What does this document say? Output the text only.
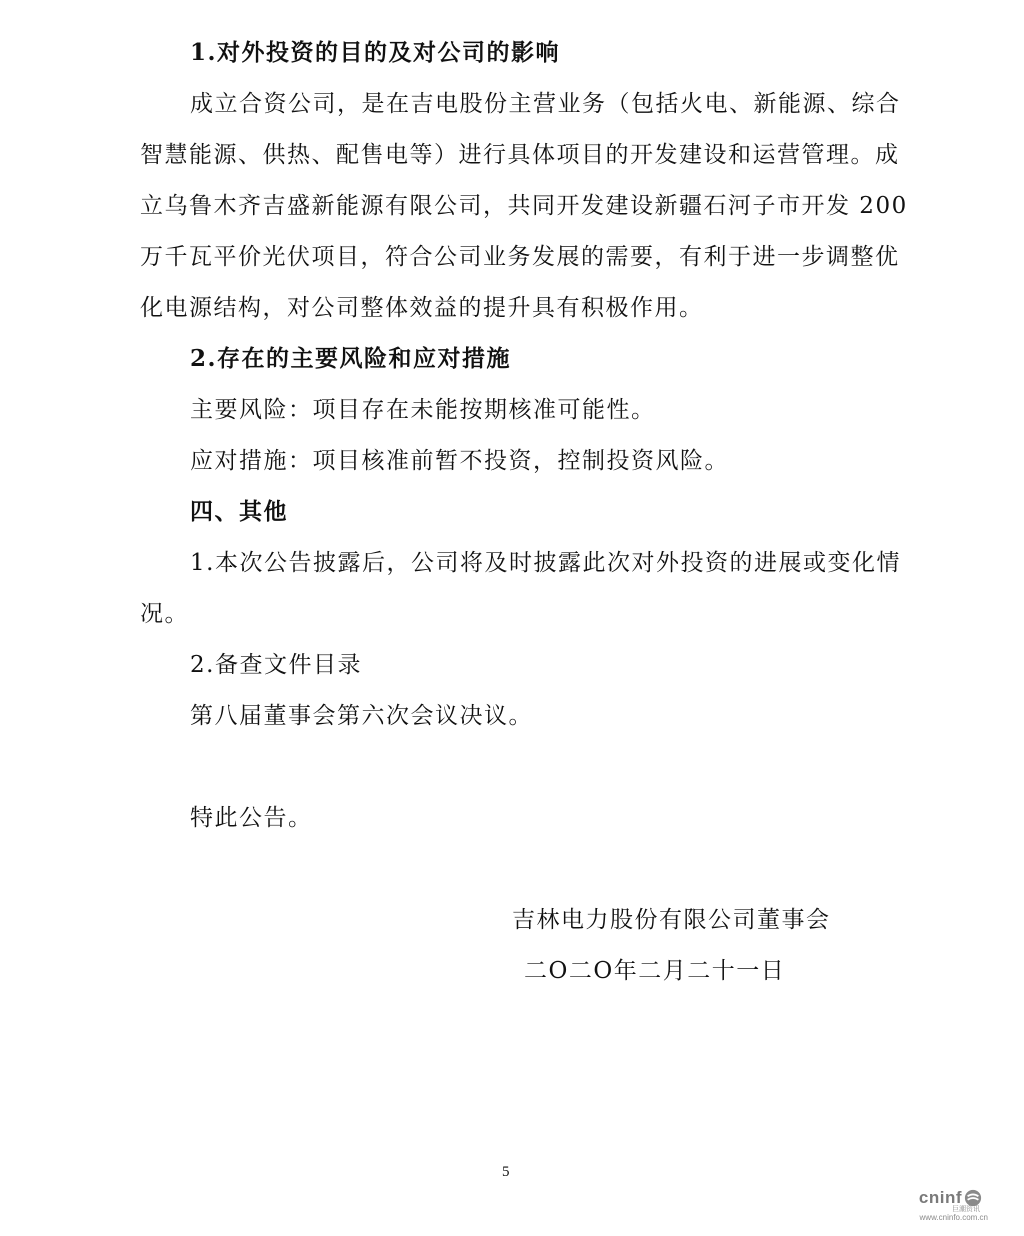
1.对外投资的目的及对公司的影响
成立合资公司，是在吉电股份主营业务（包括火电、新能源、综合
智慧能源、供热、配售电等）进行具体项目的开发建设和运营管理。成
立乌鲁木齐吉盛新能源有限公司，共同开发建设新疆石河子市开发 200
万千瓦平价光伏项目，符合公司业务发展的需要，有利于进一步调整优
化电源结构，对公司整体效益的提升具有积极作用。
2.存在的主要风险和应对措施
主要风险：项目存在未能按期核准可能性。
应对措施：项目核准前暂不投资，控制投资风险。
四、其他
1.本次公告披露后，公司将及时披露此次对外投资的进展或变化情
况。
2.备查文件目录
第八届董事会第六次会议决议。
特此公告。
吉林电力股份有限公司董事会
二O二O年二月二十一日
5
cninf
巨潮资讯
www.cninfo.com.cn
